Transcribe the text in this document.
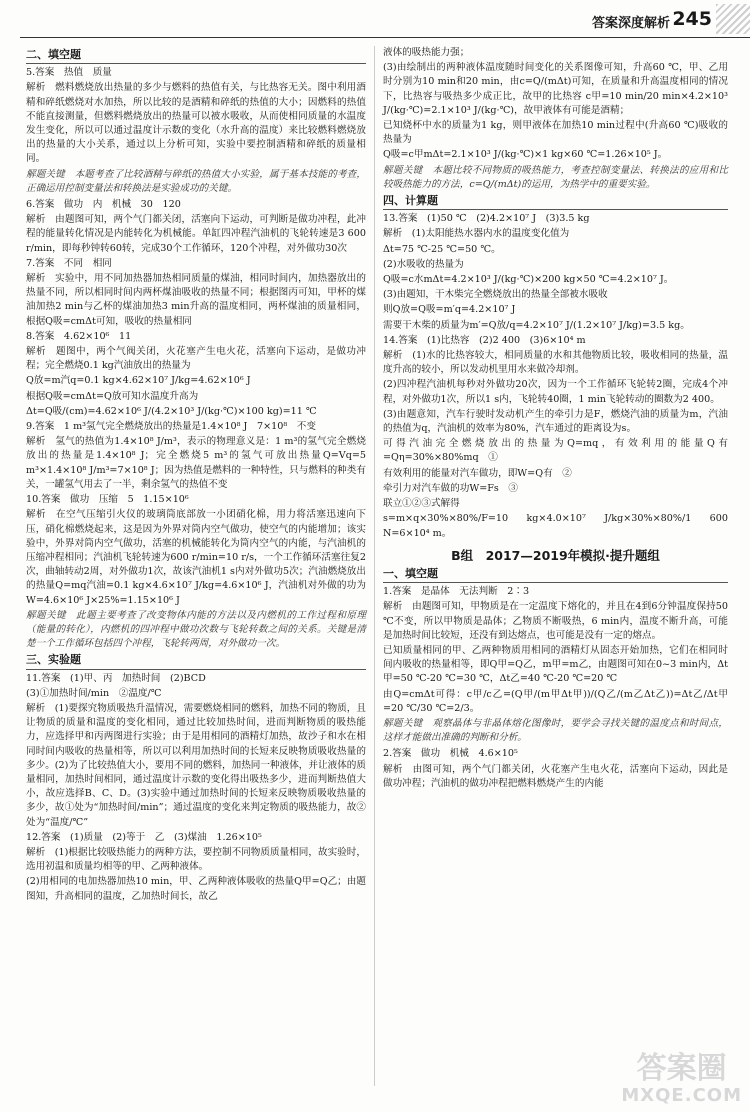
答案深度解析 245
二、填空题
5.答案　热值　质量
解析　燃料燃烧放出热量的多少与燃料的热值有关，与比热容无关。图中利用酒精和碎纸燃烧对水加热，所以比较的是酒精和碎纸的热值的大小；因燃料的热值不能直接测量，但燃料燃烧放出的热量可以被水吸收，从而使相同质量的水温度发生变化，所以可以通过温度计示数的变化（水升高的温度）来比较燃料燃烧放出的热量的大小关系，通过以上分析可知，实验中要控制酒精和碎纸的质量相同。
解题关键　本题考查了比较酒精与碎纸的热值大小实验，属于基本技能的考查，正确运用控制变量法和转换法是实验成功的关键。
6.答案　做功　内　机械　30　120
解析　由题图可知，两个气门都关闭，活塞向下运动，可判断是做功冲程，此冲程的能量转化情况是内能转化为机械能。单缸四冲程汽油机的飞轮转速是3 600 r/min，即每秒钟转60转，完成30个工作循环，120个冲程，对外做功30次
7.答案　不同　相同
解析　实验中，用不同加热器加热相同质量的煤油，相同时间内，加热器放出的热量不同，所以相同时间内两杯煤油吸收的热量不同；根据图丙可知，甲杯的煤油加热2 min与乙杯的煤油加热3 min升高的温度相同，两杯煤油的质量相同，根据Q吸=cmΔt可知，吸收的热量相同
8.答案　4.62×10⁶　11
解析　题图中，两个气阀关闭，火花塞产生电火花，活塞向下运动，是做功冲程；完全燃烧0.1 kg汽油放出的热量为
Q放=m汽q=0.1 kg×4.62×10⁷ J/kg=4.62×10⁶ J
根据Q吸=cmΔt=Q放可知水温度升高为
Δt=Q吸/(cm)=4.62×10⁶ J/(4.2×10³ J/(kg·℃)×100 kg)=11 ℃
9.答案　1 m³氢气完全燃烧放出的热量是1.4×10⁸ J　7×10⁸　不变
解析　氢气的热值为1.4×10⁸ J/m³，表示的物理意义是：1 m³的氢气完全燃烧放出的热量是1.4×10⁸ J；完全燃烧5 m³的氢气可放出热量Q=Vq=5 m³×1.4×10⁸ J/m³=7×10⁸ J；因为热值是燃料的一种特性，只与燃料的种类有关，一罐氢气用去了一半，剩余氢气的热值不变
10.答案　做功　压缩　5　1.15×10⁶
解析　在空气压缩引火仪的玻璃筒底部放一小团硝化棉，用力将活塞迅速向下压，硝化棉燃烧起来，这是因为外界对筒内空气做功，使空气的内能增加；该实验中，外界对筒内空气做功，活塞的机械能转化为筒内空气的内能，与汽油机的压缩冲程相同；汽油机飞轮转速为600 r/min=10 r/s，一个工作循环活塞往复2次，曲轴转动2周，对外做功1次，故该汽油机1 s内对外做功5次；汽油燃烧放出的热量Q=mq汽油=0.1 kg×4.6×10⁷ J/kg=4.6×10⁶ J，汽油机对外做的功为W=4.6×10⁶ J×25%=1.15×10⁶ J
解题关键　此题主要考查了改变物体内能的方法以及内燃机的工作过程和原理（能量的转化），内燃机的四冲程中做功次数与飞轮转数之间的关系。关键是清楚一个工作循环包括四个冲程，飞轮转两周，对外做功一次。
三、实验题
11.答案　(1)甲、丙　加热时间　(2)BCD
(3)①加热时间/min　②温度/℃
解析　(1)要探究物质吸热升温情况，需要燃烧相同的燃料，加热不同的物质，且让物质的质量和温度的变化相同，通过比较加热时间，进而判断物质的吸热能力，应选择甲和丙两图进行实验；由于是用相同的酒精灯加热，故沙子和水在相同时间内吸收的热量相等，所以可以利用加热时间的长短来反映物质吸收热量的多少。(2)为了比较热值大小，要用不同的燃料，加热同一种液体，并让液体的质量相同，加热时间相同，通过温度计示数的变化得出吸热多少，进而判断热值大小，故应选择B、C、D。(3)实验中通过加热时间的长短来反映物质吸收热量的多少，故①处为“加热时间/min”；通过温度的变化来判定物质的吸热能力，故②处为“温度/℃”
12.答案　(1)质量　(2)等于　乙　(3)煤油　1.26×10⁵
解析　(1)根据比较吸热能力的两种方法，要控制不同物质质量相同，故实验时，选用初温和质量均相等的甲、乙两种液体。
(2)用相同的电加热器加热10 min，甲、乙两种液体吸收的热量Q甲=Q乙；由题图知，升高相同的温度，乙加热时间长，故乙
液体的吸热能力强；
(3)由绘制出的两种液体温度随时间变化的关系图像可知，升高60 ℃，甲、乙用时分别为10 min和20 min，由c=Q/(mΔt)可知，在质量和升高温度相同的情况下，比热容与吸热多少成正比，故甲的比热容 c甲=10 min/20 min×4.2×10³ J/(kg·℃)=2.1×10³ J/(kg·℃)，故甲液体有可能是酒精；
已知烧杯中水的质量为1 kg，则甲液体在加热10 min过程中(升高60 ℃)吸收的热量为
Q吸=c甲mΔt=2.1×10³ J/(kg·℃)×1 kg×60 ℃=1.26×10⁵ J。
解题关键　本题比较不同物质的吸热能力，考查控制变量法、转换法的应用和比较吸热能力的方法，c=Q/(mΔt)的运用，为热学中的重要实验。
四、计算题
13.答案　(1)50 ℃　(2)4.2×10⁷ J　(3)3.5 kg
解析　(1)太阳能热水器内水的温度变化值为
Δt=75 ℃-25 ℃=50 ℃。
(2)水吸收的热量为
Q吸=c水mΔt=4.2×10³ J/(kg·℃)×200 kg×50 ℃=4.2×10⁷ J。
(3)由题知，干木柴完全燃烧放出的热量全部被水吸收
则Q放=Q吸=m′q=4.2×10⁷ J
需要干木柴的质量为m′=Q放/q=4.2×10⁷ J/(1.2×10⁷ J/kg)=3.5 kg。
14.答案　(1)比热容　(2)2 400　(3)6×10⁴ m
解析　(1)水的比热容较大，相同质量的水和其他物质比较，吸收相同的热量，温度升高的较小，所以发动机里用水来做冷却剂。
(2)四冲程汽油机每秒对外做功20次，因为一个工作循环飞轮转2圈，完成4个冲程，对外做功1次，所以1 s内，飞轮转40圈，1 min飞轮转动的圈数为2 400。
(3)由题意知，汽车行驶时发动机产生的牵引力是F，燃烧汽油的质量为m，汽油的热值为q，汽油机的效率为80%，汽车通过的距离设为s。
可得汽油完全燃烧放出的热量为Q=mq，有效利用的能量Q有=Qη=30%×80%mq　①
有效利用的能量对汽车做功，即W=Q有　②
牵引力对汽车做的功W=Fs　③
联立①②③式解得
s=m×q×30%×80%/F=10 kg×4.0×10⁷ J/kg×30%×80%/1 600 N=6×10⁴ m。
B组　2017—2019年模拟·提升题组
一、填空题
1.答案　是晶体　无法判断　2∶3
解析　由题图可知，甲物质是在一定温度下熔化的，并且在4到6分钟温度保持50 ℃不变，所以甲物质是晶体；乙物质不断吸热，6 min内，温度不断升高，可能是加热时间比较短，还没有到达熔点，也可能是没有一定的熔点。
已知质量相同的甲、乙两种物质用相同的酒精灯从固态开始加热，它们在相同时间内吸收的热量相等，即Q甲=Q乙，m甲=m乙，由题图可知在0~3 min内，Δt甲=50 ℃-20 ℃=30 ℃，Δt乙=40 ℃-20 ℃=20 ℃
由Q=cmΔt可得：c甲/c乙=(Q甲/(m甲Δt甲))/(Q乙/(m乙Δt乙))=Δt乙/Δt甲=20 ℃/30 ℃=2/3。
解题关键　观察晶体与非晶体熔化图像时，要学会寻找关键的温度点和时间点，这样才能做出准确的判断和分析。
2.答案　做功　机械　4.6×10⁵
解析　由图可知，两个气门都关闭，火花塞产生电火花，活塞向下运动，因此是做功冲程；汽油机的做功冲程把燃料燃烧产生的内能
答案圈
MXQE.COM
